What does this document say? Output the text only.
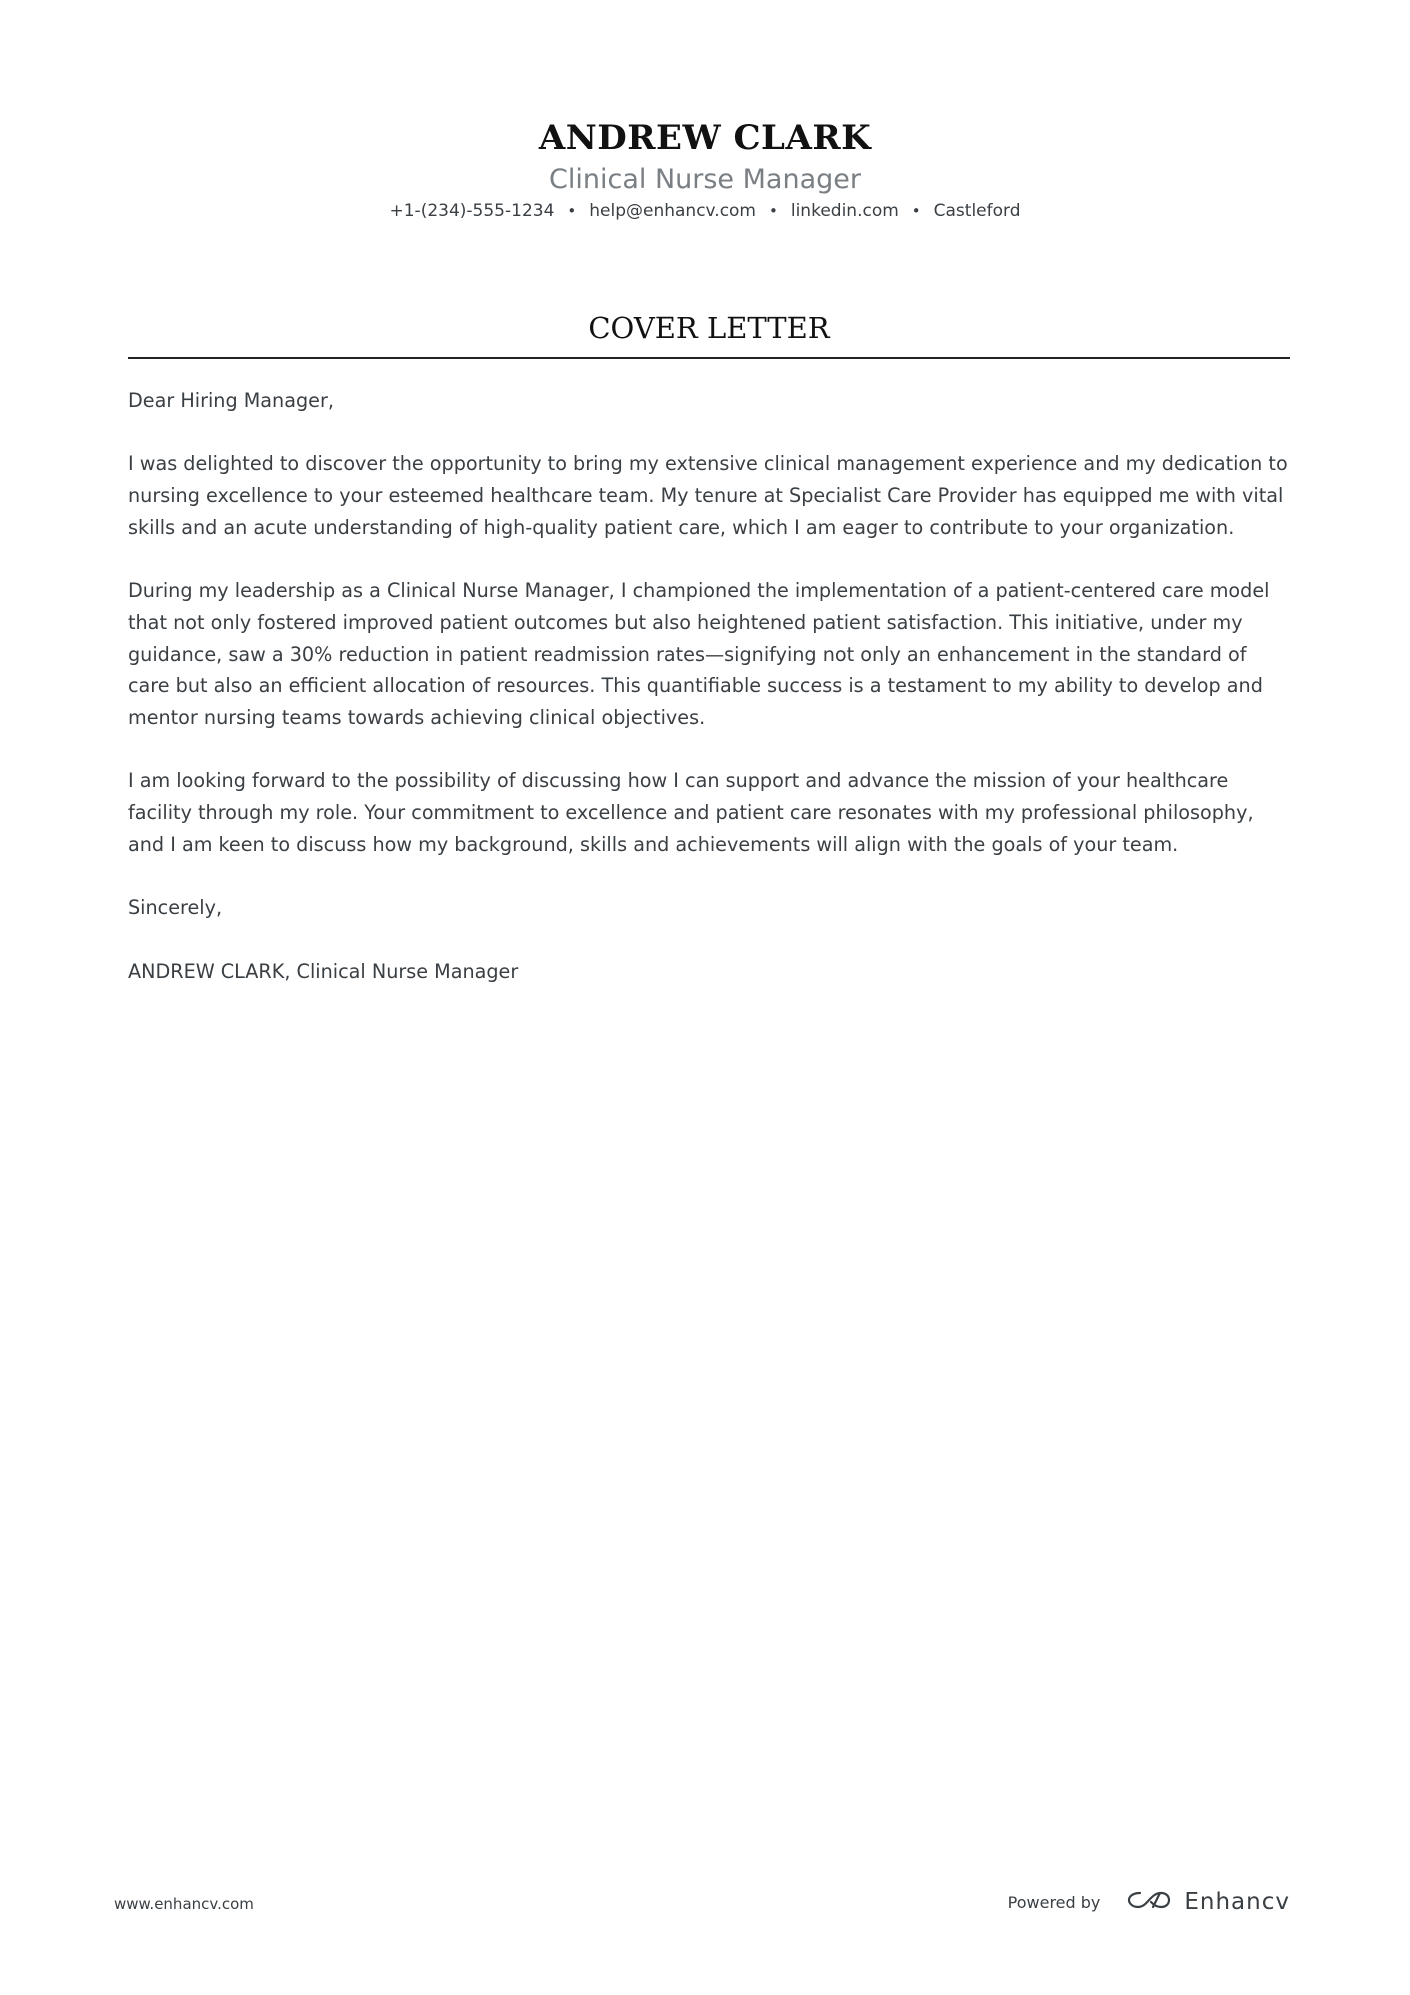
ANDREW CLARK
Clinical Nurse Manager
+1-(234)-555-1234 • help@enhancv.com • linkedin.com • Castleford
COVER LETTER

Dear Hiring Manager,

I was delighted to discover the opportunity to bring my extensive clinical management experience and my dedication to nursing excellence to your esteemed healthcare team. My tenure at Specialist Care Provider has equipped me with vital skills and an acute understanding of high-quality patient care, which I am eager to contribute to your organization.

During my leadership as a Clinical Nurse Manager, I championed the implementation of a patient-centered care model that not only fostered improved patient outcomes but also heightened patient satisfaction. This initiative, under my guidance, saw a 30% reduction in patient readmission rates—signifying not only an enhancement in the standard of care but also an efficient allocation of resources. This quantifiable success is a testament to my ability to develop and mentor nursing teams towards achieving clinical objectives.

I am looking forward to the possibility of discussing how I can support and advance the mission of your healthcare facility through my role. Your commitment to excellence and patient care resonates with my professional philosophy, and I am keen to discuss how my background, skills and achievements will align with the goals of your team.

Sincerely,

ANDREW CLARK, Clinical Nurse Manager

www.enhancv.com	Powered by	Enhancv
